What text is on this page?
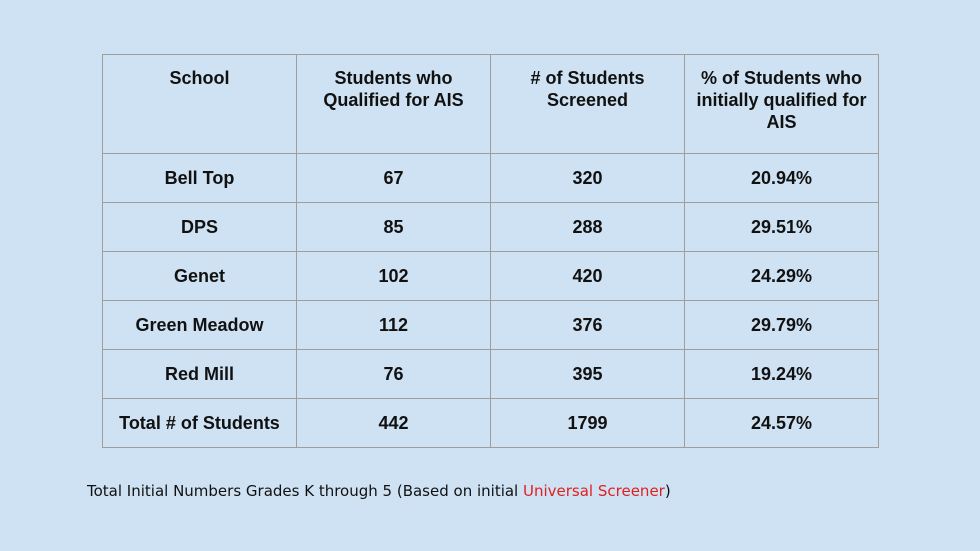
School	Students who Qualified for AIS	# of Students Screened	% of Students who initially qualified for AIS
Bell Top	67	320	20.94%
DPS	85	288	29.51%
Genet	102	420	24.29%
Green Meadow	112	376	29.79%
Red Mill	76	395	19.24%
Total # of Students	442	1799	24.57%
Total Initial Numbers Grades K through 5 (Based on initial Universal Screener)
